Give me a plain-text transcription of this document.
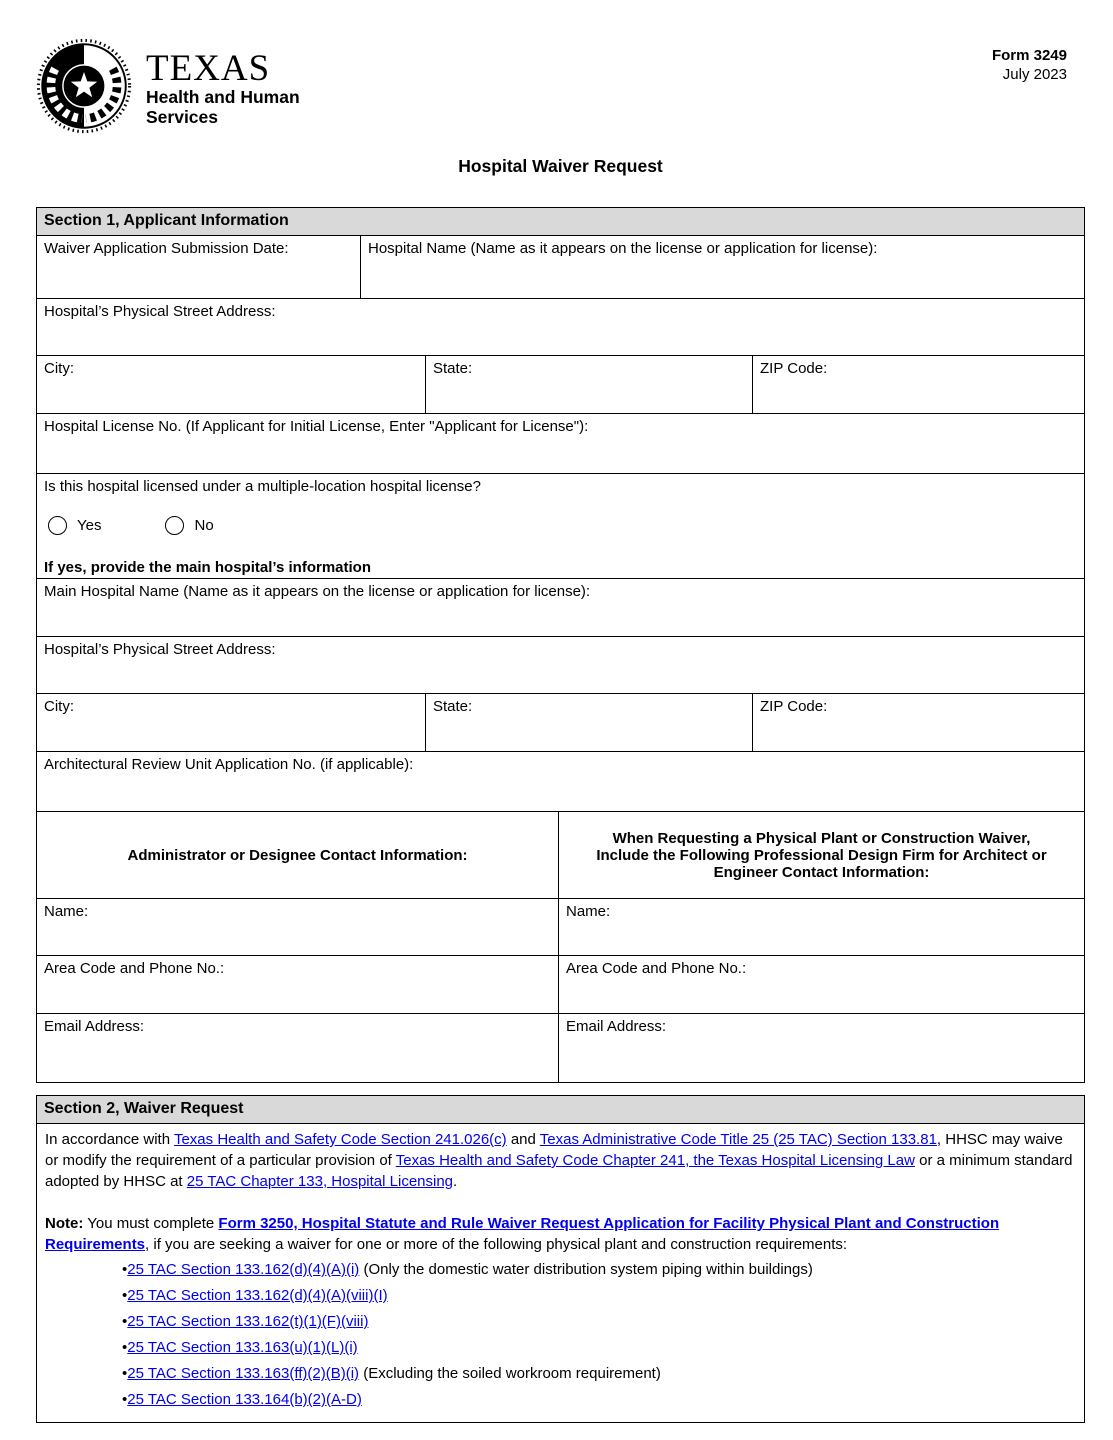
TEXAS
Health and Human
Services
Form 3249
July 2023
Hospital Waiver Request
Section 1, Applicant Information
Waiver Application Submission Date:	Hospital Name (Name as it appears on the license or application for license):
Hospital’s Physical Street Address:
City:	State:	ZIP Code:
Hospital License No. (If Applicant for Initial License, Enter "Applicant for License"):
Is this hospital licensed under a multiple-location hospital license?
Yes	No
If yes, provide the main hospital’s information
Main Hospital Name (Name as it appears on the license or application for license):
Hospital’s Physical Street Address:
City:	State:	ZIP Code:
Architectural Review Unit Application No. (if applicable):
Administrator or Designee Contact Information:
When Requesting a Physical Plant or Construction Waiver, Include the Following Professional Design Firm for Architect or Engineer Contact Information:
Name:	Name:
Area Code and Phone No.:	Area Code and Phone No.:
Email Address:	Email Address:
Section 2, Waiver Request
In accordance with Texas Health and Safety Code Section 241.026(c) and Texas Administrative Code Title 25 (25 TAC) Section 133.81, HHSC may waive or modify the requirement of a particular provision of Texas Health and Safety Code Chapter 241, the Texas Hospital Licensing Law or a minimum standard adopted by HHSC at 25 TAC Chapter 133, Hospital Licensing.
Note: You must complete Form 3250, Hospital Statute and Rule Waiver Request Application for Facility Physical Plant and Construction Requirements, if you are seeking a waiver for one or more of the following physical plant and construction requirements:
•25 TAC Section 133.162(d)(4)(A)(i) (Only the domestic water distribution system piping within buildings)
•25 TAC Section 133.162(d)(4)(A)(viii)(I)
•25 TAC Section 133.162(t)(1)(F)(viii)
•25 TAC Section 133.163(u)(1)(L)(i)
•25 TAC Section 133.163(ff)(2)(B)(i) (Excluding the soiled workroom requirement)
•25 TAC Section 133.164(b)(2)(A-D)
